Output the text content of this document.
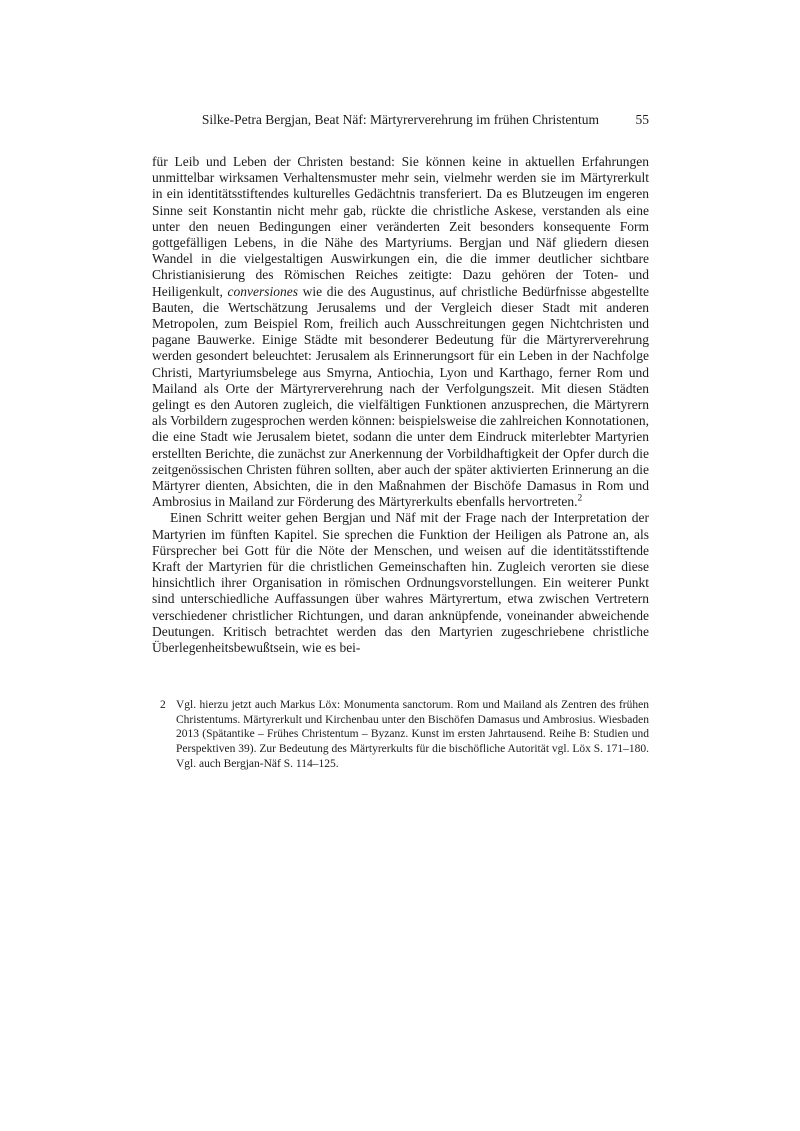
Silke-Petra Bergjan, Beat Näf: Märtyrerverehrung im frühen Christentum	55

für Leib und Leben der Christen bestand: Sie können keine in aktuellen Erfahrungen unmittelbar wirksamen Verhaltensmuster mehr sein, vielmehr werden sie im Märtyrerkult in ein identitätsstiftendes kulturelles Gedächtnis transferiert. Da es Blutzeugen im engeren Sinne seit Konstantin nicht mehr gab, rückte die christliche Askese, verstanden als eine unter den neuen Bedingungen einer veränderten Zeit besonders konsequente Form gottgefälligen Lebens, in die Nähe des Martyriums. Bergjan und Näf gliedern diesen Wandel in die vielgestaltigen Auswirkungen ein, die die immer deutlicher sichtbare Christianisierung des Römischen Reiches zeitigte: Dazu gehören der Toten- und Heiligenkult, conversiones wie die des Augustinus, auf christliche Bedürfnisse abgestellte Bauten, die Wertschätzung Jerusalems und der Vergleich dieser Stadt mit anderen Metropolen, zum Beispiel Rom, freilich auch Ausschreitungen gegen Nichtchristen und pagane Bauwerke. Einige Städte mit besonderer Bedeutung für die Märtyrerverehrung werden gesondert beleuchtet: Jerusalem als Erinnerungsort für ein Leben in der Nachfolge Christi, Martyriumsbelege aus Smyrna, Antiochia, Lyon und Karthago, ferner Rom und Mailand als Orte der Märtyrerverehrung nach der Verfolgungszeit. Mit diesen Städten gelingt es den Autoren zugleich, die vielfältigen Funktionen anzusprechen, die Märtyrern als Vorbildern zugesprochen werden können: beispielsweise die zahlreichen Konnotationen, die eine Stadt wie Jerusalem bietet, sodann die unter dem Eindruck miterlebter Martyrien erstellten Berichte, die zunächst zur Anerkennung der Vorbildhaftigkeit der Opfer durch die zeitgenössischen Christen führen sollten, aber auch der später aktivierten Erinnerung an die Märtyrer dienten, Absichten, die in den Maßnahmen der Bischöfe Damasus in Rom und Ambrosius in Mailand zur Förderung des Märtyrerkults ebenfalls hervortreten.$^2$

Einen Schritt weiter gehen Bergjan und Näf mit der Frage nach der Interpretation der Martyrien im fünften Kapitel. Sie sprechen die Funktion der Heiligen als Patrone an, als Fürsprecher bei Gott für die Nöte der Menschen, und weisen auf die identitätsstiftende Kraft der Martyrien für die christlichen Gemeinschaften hin. Zugleich verorten sie diese hinsichtlich ihrer Organisation in römischen Ordnungsvorstellungen. Ein weiterer Punkt sind unterschiedliche Auffassungen über wahres Märtyrertum, etwa zwischen Vertretern verschiedener christlicher Richtungen, und daran anknüpfende, voneinander abweichende Deutungen. Kritisch betrachtet werden das den Martyrien zugeschriebene christliche Überlegenheitsbewußtsein, wie es bei-

2 Vgl. hierzu jetzt auch Markus Löx: Monumenta sanctorum. Rom und Mailand als Zentren des frühen Christentums. Märtyrerkult und Kirchenbau unter den Bischöfen Damasus und Ambrosius. Wiesbaden 2013 (Spätantike – Frühes Christentum – Byzanz. Kunst im ersten Jahrtausend. Reihe B: Studien und Perspektiven 39). Zur Bedeutung des Märtyrerkults für die bischöfliche Autorität vgl. Löx S. 171–180. Vgl. auch Bergjan-Näf S. 114–125.
